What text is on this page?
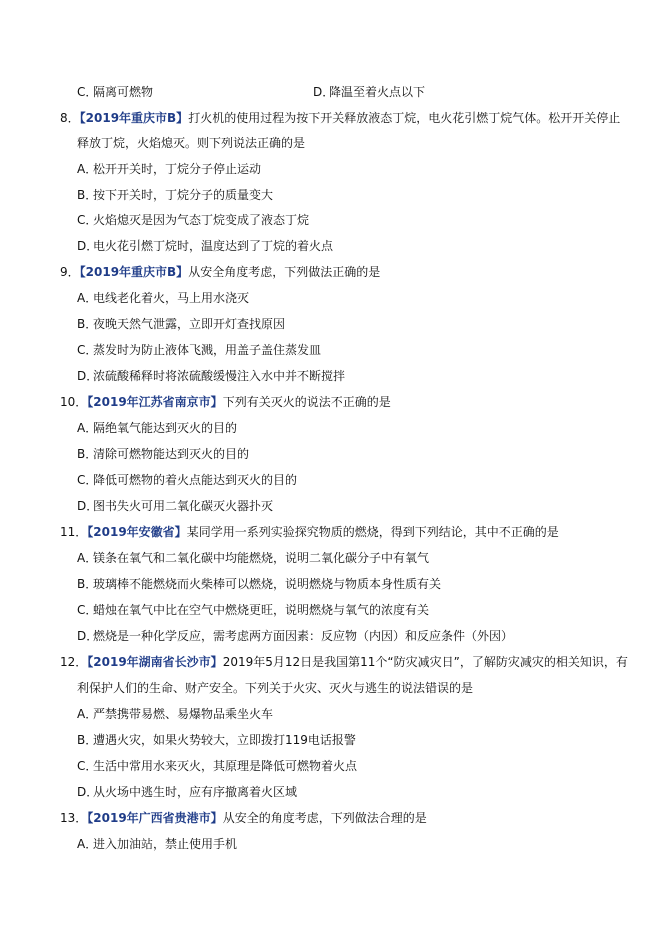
C．隔离可燃物	D．降温至着火点以下
8．【2019年重庆市B】打火机的使用过程为按下开关释放液态丁烷，电火花引燃丁烷气体。松开开关停止
释放丁烷，火焰熄灭。则下列说法正确的是
A．松开开关时，丁烷分子停止运动
B．按下开关时，丁烷分子的质量变大
C．火焰熄灭是因为气态丁烷变成了液态丁烷
D．电火花引燃丁烷时，温度达到了丁烷的着火点
9．【2019年重庆市B】从安全角度考虑，下列做法正确的是
A．电线老化着火，马上用水浇灭
B．夜晚天然气泄露，立即开灯查找原因
C．蒸发时为防止液体飞溅，用盖子盖住蒸发皿
D．浓硫酸稀释时将浓硫酸缓慢注入水中并不断搅拌
10．【2019年江苏省南京市】下列有关灭火的说法不正确的是
A．隔绝氧气能达到灭火的目的
B．清除可燃物能达到灭火的目的
C．降低可燃物的着火点能达到灭火的目的
D．图书失火可用二氧化碳灭火器扑灭
11．【2019年安徽省】某同学用一系列实验探究物质的燃烧，得到下列结论，其中不正确的是
A．镁条在氧气和二氧化碳中均能燃烧，说明二氧化碳分子中有氧气
B．玻璃棒不能燃烧而火柴棒可以燃烧，说明燃烧与物质本身性质有关
C．蜡烛在氧气中比在空气中燃烧更旺，说明燃烧与氧气的浓度有关
D．燃烧是一种化学反应，需考虑两方面因素：反应物（内因）和反应条件（外因）
12．【2019年湖南省长沙市】2019年5月12日是我国第11个“防灾减灾日”，了解防灾减灾的相关知识，有
利保护人们的生命、财产安全。下列关于火灾、灭火与逃生的说法错误的是
A．严禁携带易燃、易爆物品乘坐火车
B．遭遇火灾，如果火势较大，立即拨打119电话报警
C．生活中常用水来灭火，其原理是降低可燃物着火点
D．从火场中逃生时，应有序撤离着火区域
13．【2019年广西省贵港市】从安全的角度考虑，下列做法合理的是
A．进入加油站，禁止使用手机
